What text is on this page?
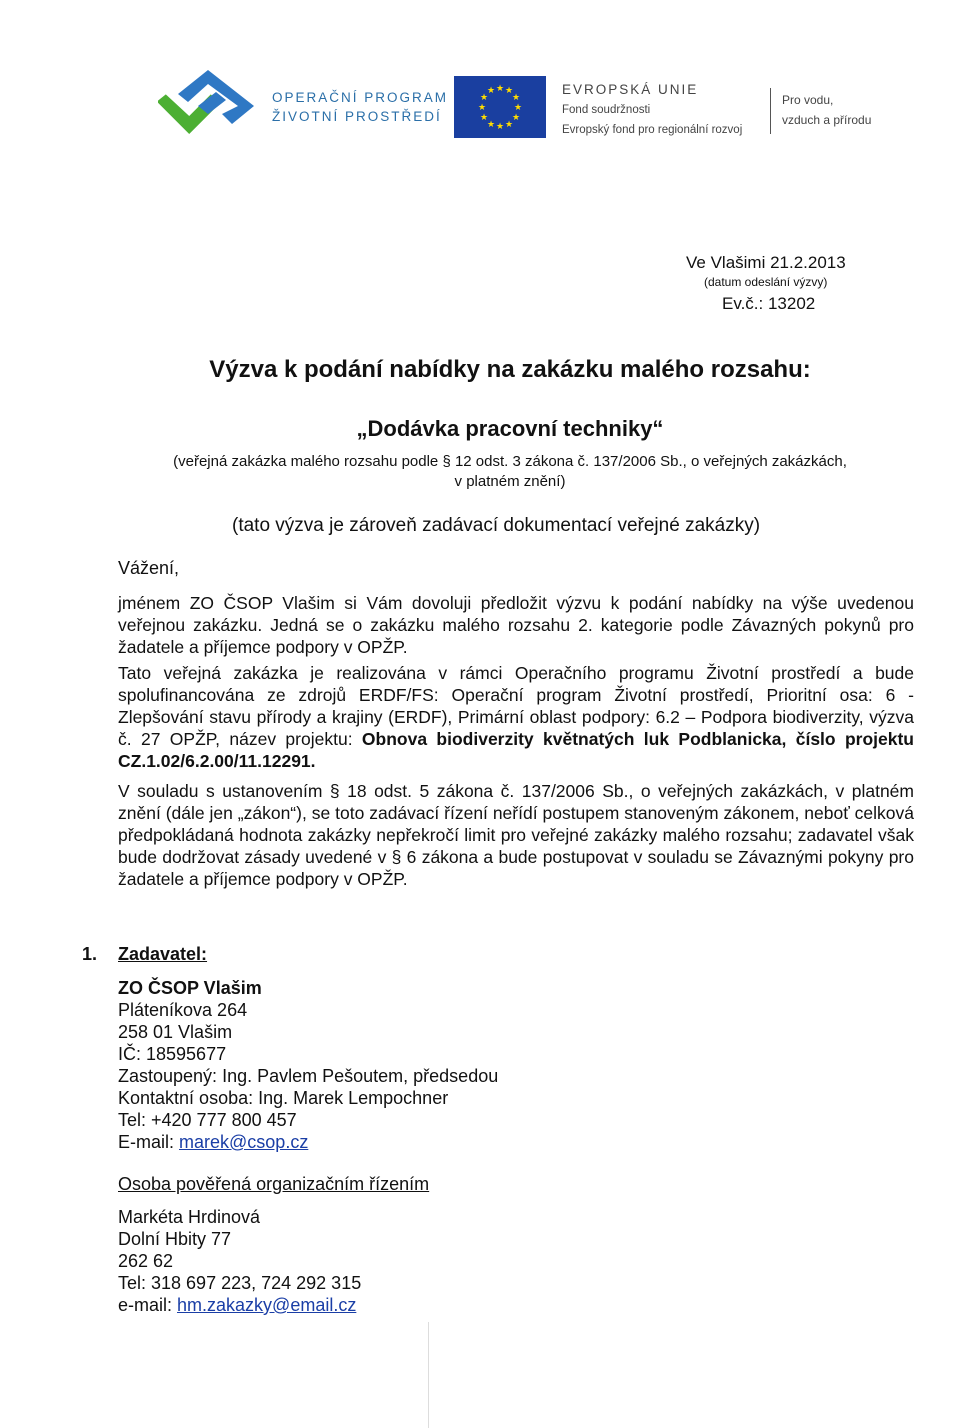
OPERAČNÍ PROGRAM
ŽIVOTNÍ PROSTŘEDÍ
★ ★
★
★
★
★
★
★
★
★
★
★	EVROPSKÁ UNIE
Fond soudržnosti
Evropský fond pro regionální rozvoj
Pro vodu,
vzduch a přírodu
Ve Vlašimi 21.2.2013
(datum odeslání výzvy)
Ev.č.: 13202
Výzva k podání nabídky na zakázku malého rozsahu:
„Dodávka pracovní techniky“
(veřejná zakázka malého rozsahu podle § 12 odst. 3 zákona č. 137/2006 Sb., o veřejných zakázkách,
v platném znění)
(tato výzva je zároveň zadávací dokumentací veřejné zakázky)
Vážení,
jménem ZO ČSOP Vlašim si Vám dovoluji předložit výzvu k podání nabídky na výše uvedenou veřejnou zakázku. Jedná se o zakázku malého rozsahu 2. kategorie podle Závazných pokynů pro žadatele a příjemce podpory v OPŽP.
Tato veřejná zakázka je realizována v rámci Operačního programu Životní prostředí a bude spolufinancována ze zdrojů ERDF/FS: Operační program Životní prostředí, Prioritní osa: 6 - Zlepšování stavu přírody a krajiny (ERDF), Primární oblast podpory: 6.2 – Podpora biodiverzity, výzva č. 27 OPŽP, název projektu: Obnova biodiverzity květnatých luk Podblanicka, číslo projektu CZ.1.02/6.2.00/11.12291.
V souladu s ustanovením § 18 odst. 5 zákona č. 137/2006 Sb., o veřejných zakázkách, v platném znění (dále jen „zákon“), se toto zadávací řízení neřídí postupem stanoveným zákonem, neboť celková předpokládaná hodnota zakázky nepřekročí limit pro veřejné zakázky malého rozsahu; zadavatel však bude dodržovat zásady uvedené v § 6 zákona a bude postupovat v souladu se Závaznými pokyny pro žadatele a příjemce podpory v OPŽP.
1. Zadavatel:
ZO ČSOP Vlašim
Pláteníkova 264
258 01 Vlašim
IČ: 18595677
Zastoupený: Ing. Pavlem Pešoutem, předsedou
Kontaktní osoba: Ing. Marek Lempochner
Tel: +420 777 800 457
E-mail: marek@csop.cz
Osoba pověřená organizačním řízením
Markéta Hrdinová
Dolní Hbity 77
262 62
Tel: 318 697 223, 724 292 315
e-mail: hm.zakazky@email.cz
